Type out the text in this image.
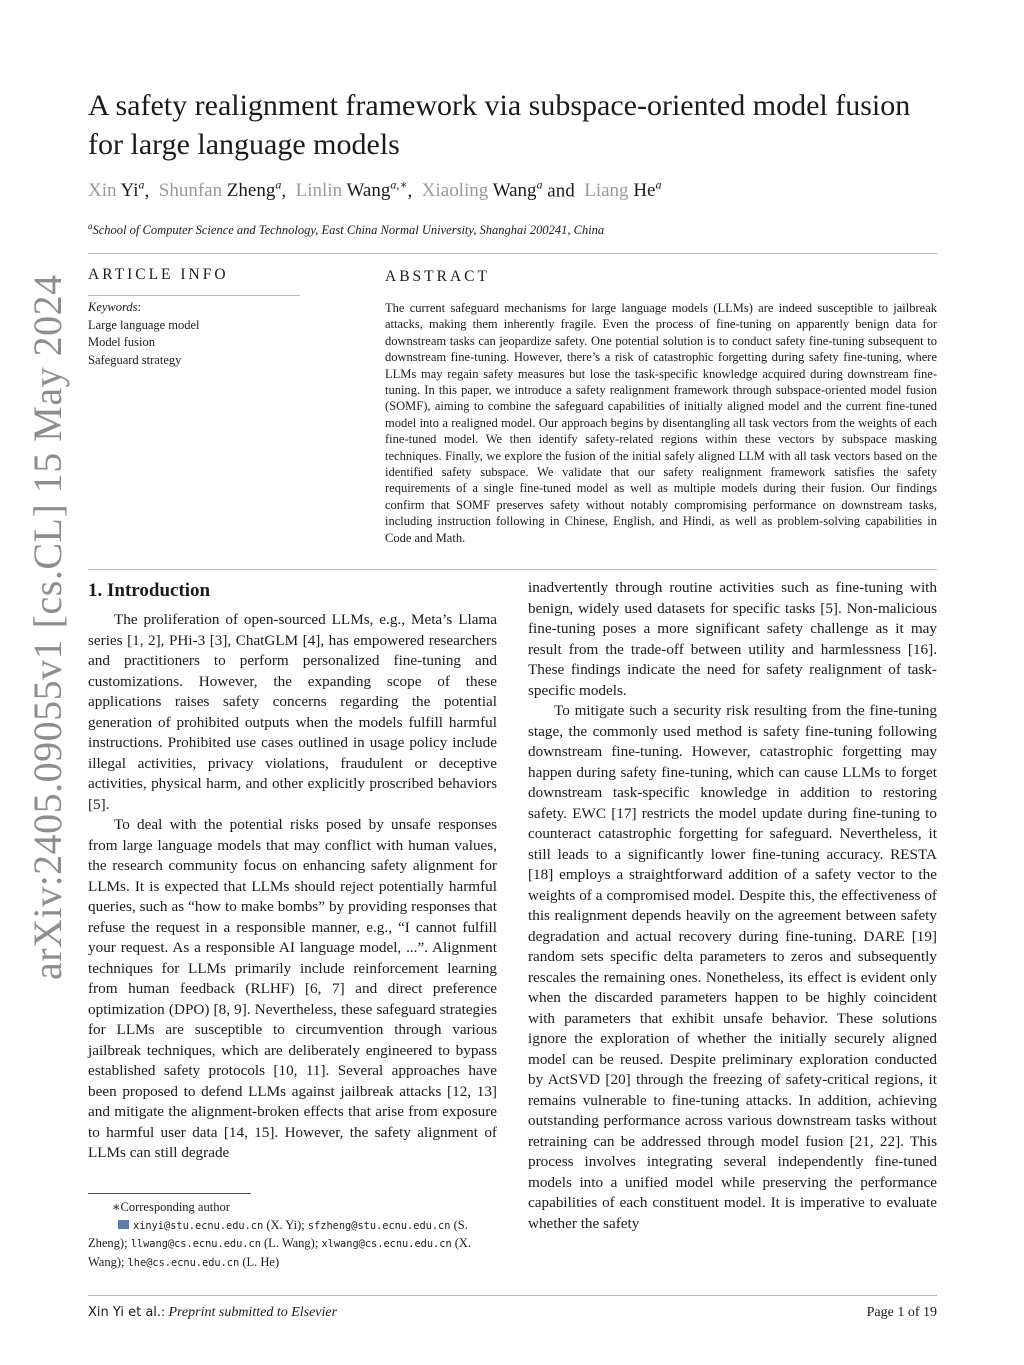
arXiv:2405.09055v1 [cs.CL] 15 May 2024
A safety realignment framework via subspace-oriented model fusion for large language models
Xin Yi$^a$, Shunfan Zheng$^a$, Linlin Wang$^{a,∗}$, Xiaoling Wang$^a$ and Liang He$^a$
$^a$School of Computer Science and Technology, East China Normal University, Shanghai 200241, China
ARTICLE INFO	ABSTRACT
Keywords:
Large language model
Model fusion
Safeguard strategy
The current safeguard mechanisms for large language models (LLMs) are indeed susceptible to jailbreak attacks, making them inherently fragile. Even the process of fine-tuning on apparently benign data for downstream tasks can jeopardize safety. One potential solution is to conduct safety fine-tuning subsequent to downstream fine-tuning. However, there’s a risk of catastrophic forgetting during safety fine-tuning, where LLMs may regain safety measures but lose the task-specific knowledge acquired during downstream fine-tuning. In this paper, we introduce a safety realignment framework through subspace-oriented model fusion (SOMF), aiming to combine the safeguard capabilities of initially aligned model and the current fine-tuned model into a realigned model. Our approach begins by disentangling all task vectors from the weights of each fine-tuned model. We then identify safety-related regions within these vectors by subspace masking techniques. Finally, we explore the fusion of the initial safely aligned LLM with all task vectors based on the identified safety subspace. We validate that our safety realignment framework satisfies the safety requirements of a single fine-tuned model as well as multiple models during their fusion. Our findings confirm that SOMF preserves safety without notably compromising performance on downstream tasks, including instruction following in Chinese, English, and Hindi, as well as problem-solving capabilities in Code and Math.
1. Introduction

The proliferation of open-sourced LLMs, e.g., Meta’s Llama series [1, 2], PHi-3 [3], ChatGLM [4], has empowered researchers and practitioners to perform personalized fine-tuning and customizations. However, the expanding scope of these applications raises safety concerns regarding the potential generation of prohibited outputs when the models fulfill harmful instructions. Prohibited use cases outlined in usage policy include illegal activities, privacy violations, fraudulent or deceptive activities, physical harm, and other explicitly proscribed behaviors [5].

To deal with the potential risks posed by unsafe responses from large language models that may conflict with human values, the research community focus on enhancing safety alignment for LLMs. It is expected that LLMs should reject potentially harmful queries, such as “how to make bombs” by providing responses that refuse the request in a responsible manner, e.g., “I cannot fulfill your request. As a responsible AI language model, ...”. Alignment techniques for LLMs primarily include reinforcement learning from human feedback (RLHF) [6, 7] and direct preference optimization (DPO) [8, 9]. Nevertheless, these safeguard strategies for LLMs are susceptible to circumvention through various jailbreak techniques, which are deliberately engineered to bypass established safety protocols [10, 11]. Several approaches have been proposed to defend LLMs against jailbreak attacks [12, 13] and mitigate the alignment-broken effects that arise from exposure to harmful user data [14, 15]. However, the safety alignment of LLMs can still degrade

inadvertently through routine activities such as fine-tuning with benign, widely used datasets for specific tasks [5]. Non-malicious fine-tuning poses a more significant safety challenge as it may result from the trade-off between utility and harmlessness [16]. These findings indicate the need for safety realignment of task-specific models.

To mitigate such a security risk resulting from the fine-tuning stage, the commonly used method is safety fine-tuning following downstream fine-tuning. However, catastrophic forgetting may happen during safety fine-tuning, which can cause LLMs to forget downstream task-specific knowledge in addition to restoring safety. EWC [17] restricts the model update during fine-tuning to counteract catastrophic forgetting for safeguard. Nevertheless, it still leads to a significantly lower fine-tuning accuracy. RESTA [18] employs a straightforward addition of a safety vector to the weights of a compromised model. Despite this, the effectiveness of this realignment depends heavily on the agreement between safety degradation and actual recovery during fine-tuning. DARE [19] random sets specific delta parameters to zeros and subsequently rescales the remaining ones. Nonetheless, its effect is evident only when the discarded parameters happen to be highly coincident with parameters that exhibit unsafe behavior. These solutions ignore the exploration of whether the initially securely aligned model can be reused. Despite preliminary exploration conducted by ActSVD [20] through the freezing of safety-critical regions, it remains vulnerable to fine-tuning attacks. In addition, achieving outstanding performance across various downstream tasks without retraining can be addressed through model fusion [21, 22]. This process involves integrating several independently fine-tuned models into a unified model while preserving the performance capabilities of each constituent model. It is imperative to evaluate whether the safety

∗Corresponding author
xinyi@stu.ecnu.edu.cn (X. Yi); sfzheng@stu.ecnu.edu.cn (S. Zheng); llwang@cs.ecnu.edu.cn (L. Wang); xlwang@cs.ecnu.edu.cn (X. Wang); lhe@cs.ecnu.edu.cn (L. He)
Xin Yi et al.: Preprint submitted to Elsevier	Page 1 of 19
